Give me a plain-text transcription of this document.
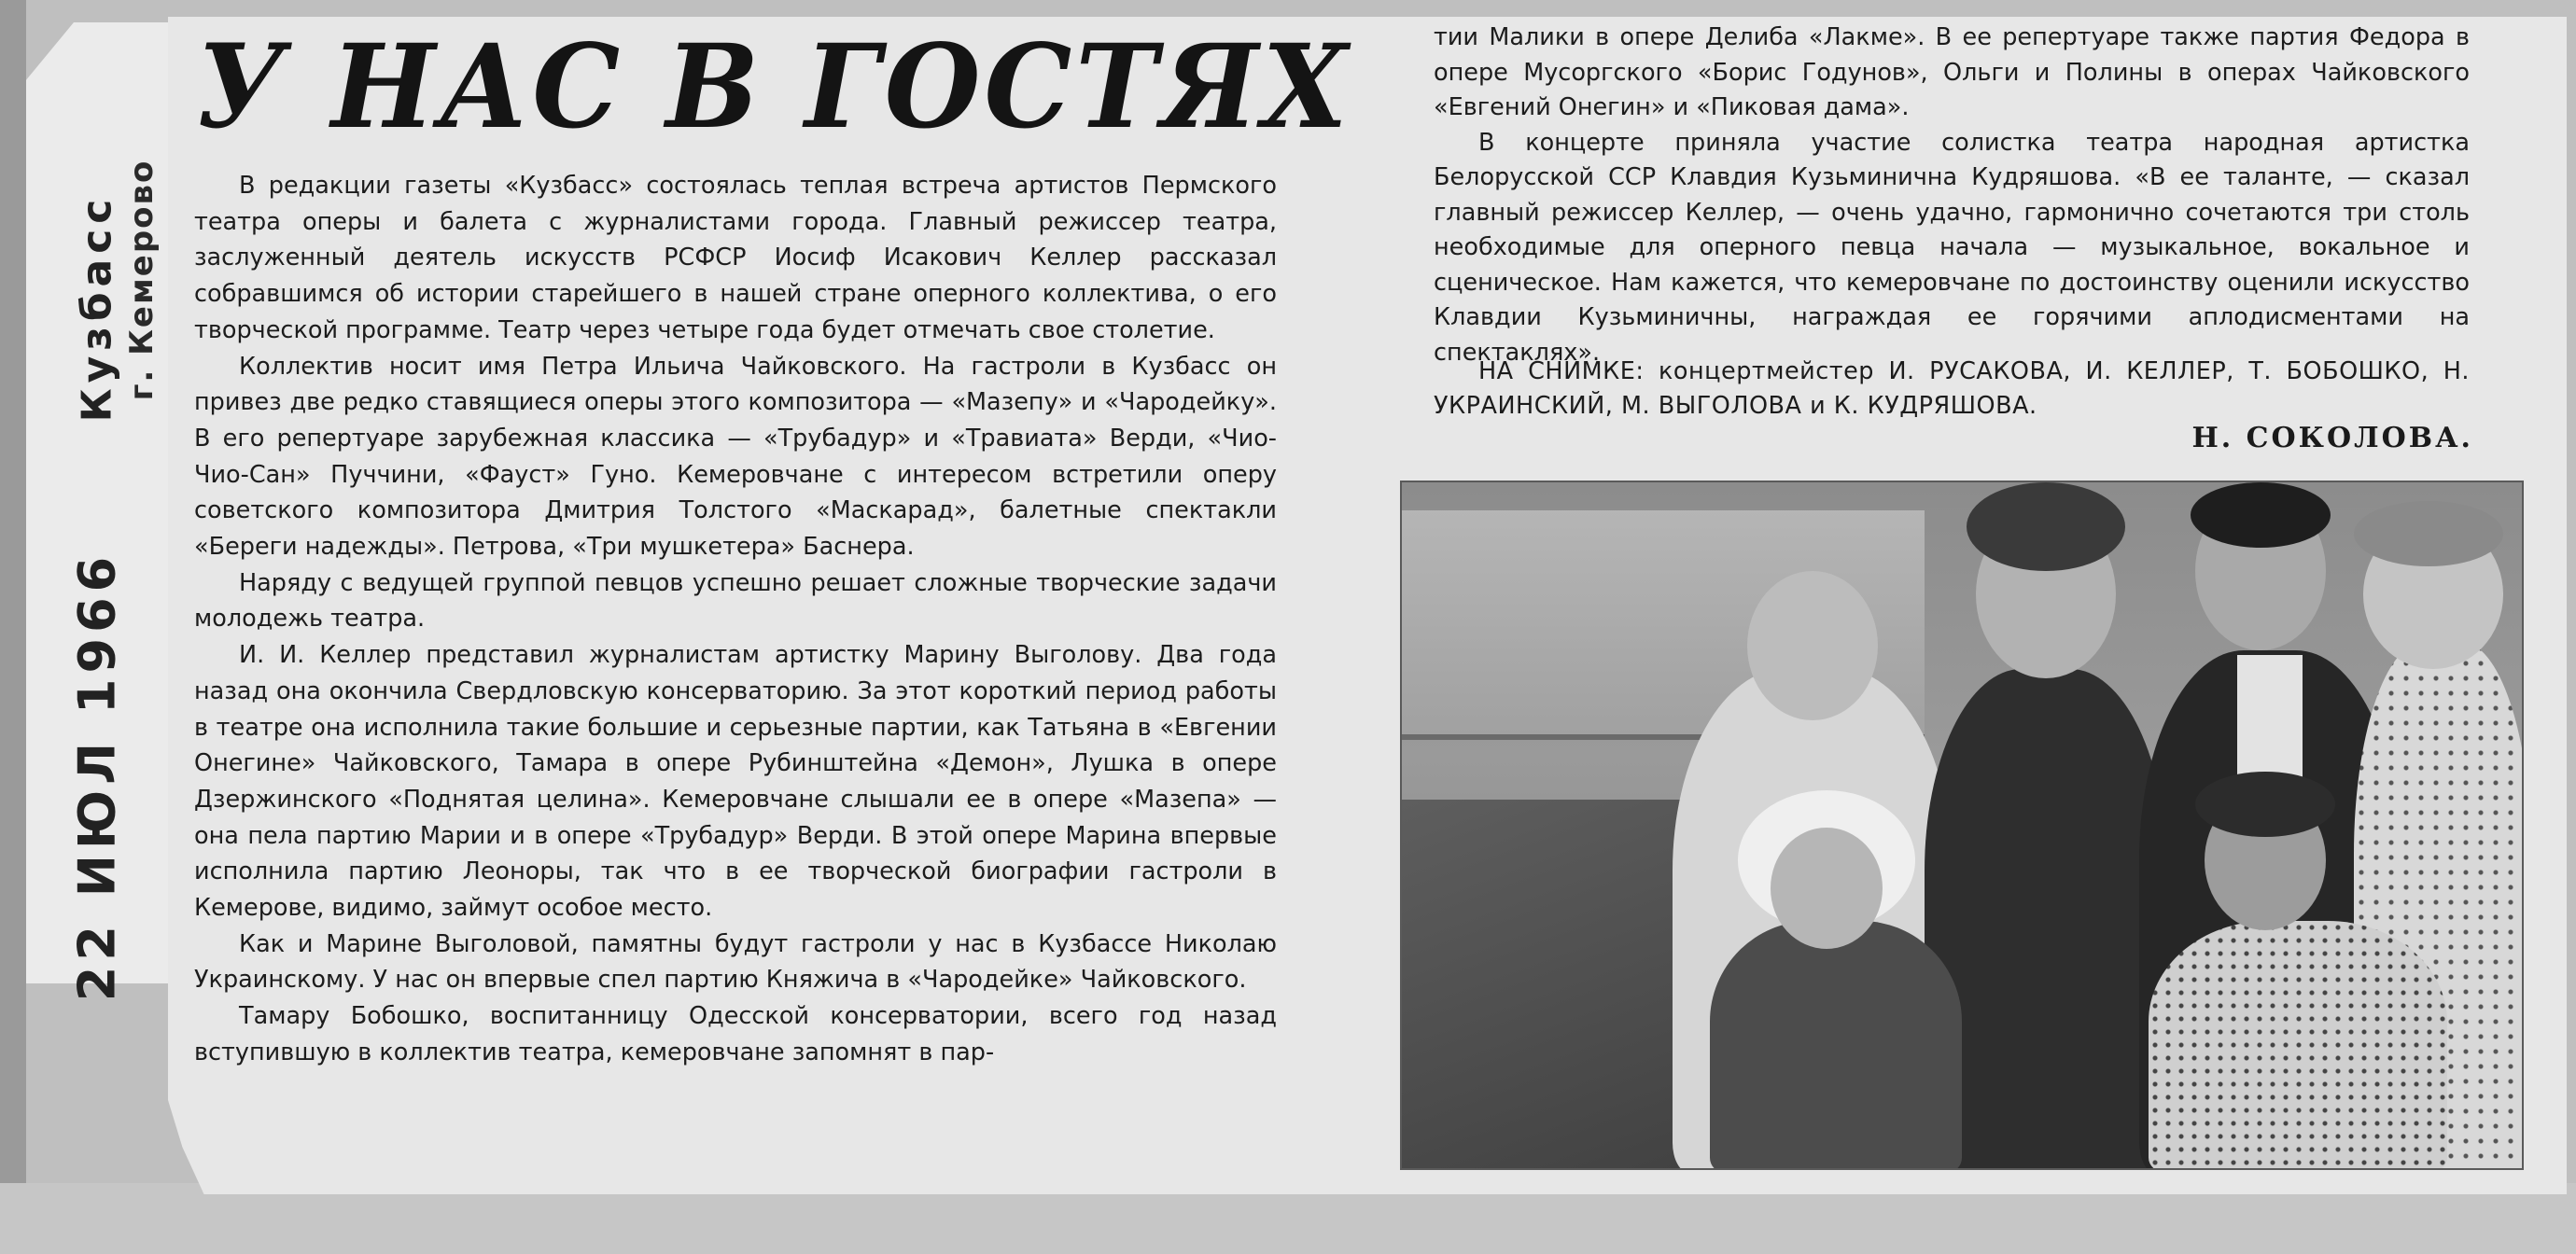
Кузбасс г. Кемерово
22 ИЮЛ 1966
У НАС В ГОСТЯХ

В редакции газеты «Кузбасс» состоялась теплая встреча артистов Пермского театра оперы и балета с журналистами города. Главный режиссер театра, заслуженный деятель искусств РСФСР Иосиф Исакович Келлер рассказал собравшимся об истории старейшего в нашей стране оперного коллектива, о его творческой программе. Театр через четыре года будет отмечать свое столетие.

Коллектив носит имя Петра Ильича Чайковского. На гастроли в Кузбасс он привез две редко ставящиеся оперы этого композитора — «Мазепу» и «Чародейку». В его репертуаре зарубежная классика — «Трубадур» и «Травиата» Верди, «Чио-Чио-Сан» Пуччини, «Фауст» Гуно. Кемеровчане с интересом встретили оперу советского композитора Дмитрия Толстого «Маскарад», балетные спектакли «Береги надежды». Петрова, «Три мушкетера» Баснера.

Наряду с ведущей группой певцов успешно решает сложные творческие задачи молодежь театра.

И. И. Келлер представил журналистам артистку Марину Выголову. Два года назад она окончила Свердловскую консерваторию. За этот короткий период работы в театре она исполнила такие большие и серьезные партии, как Татьяна в «Евгении Онегине» Чайковского, Тамара в опере Рубинштейна «Демон», Лушка в опере Дзержинского «Поднятая целина». Кемеровчане слышали ее в опере «Мазепа» — она пела партию Марии и в опере «Трубадур» Верди. В этой опере Марина впервые исполнила партию Леоноры, так что в ее творческой биографии гастроли в Кемерове, видимо, займут особое место.

Как и Марине Выголовой, памятны будут гастроли у нас в Кузбассе Николаю Украинскому. У нас он впервые спел партию Княжича в «Чародейке» Чайковского.

Тамару Бобошко, воспитанницу Одесской консерватории, всего год назад вступившую в коллектив театра, кемеровчане запомнят в пар-

тии Малики в опере Делиба «Лакме». В ее репертуаре также партия Федора в опере Мусоргского «Борис Годунов», Ольги и Полины в операх Чайковского «Евгений Онегин» и «Пиковая дама».

В концерте приняла участие солистка театра народная артистка Белорусской ССР Клавдия Кузьминична Кудряшова. «В ее таланте, — сказал главный режиссер Келлер, — очень удачно, гармонично сочетаются три столь необходимые для оперного певца начала — музыкальное, вокальное и сценическое. Нам кажется, что кемеровчане по достоинству оценили искусство Клавдии Кузьминичны, награждая ее горячими аплодисментами на спектаклях».

НА СНИМКЕ: концертмейстер И. РУСАКОВА, И. КЕЛЛЕР, Т. БОБОШКО, Н. УКРАИНСКИЙ, М. ВЫГОЛОВА и К. КУДРЯШОВА.
Н. СОКОЛОВА.
